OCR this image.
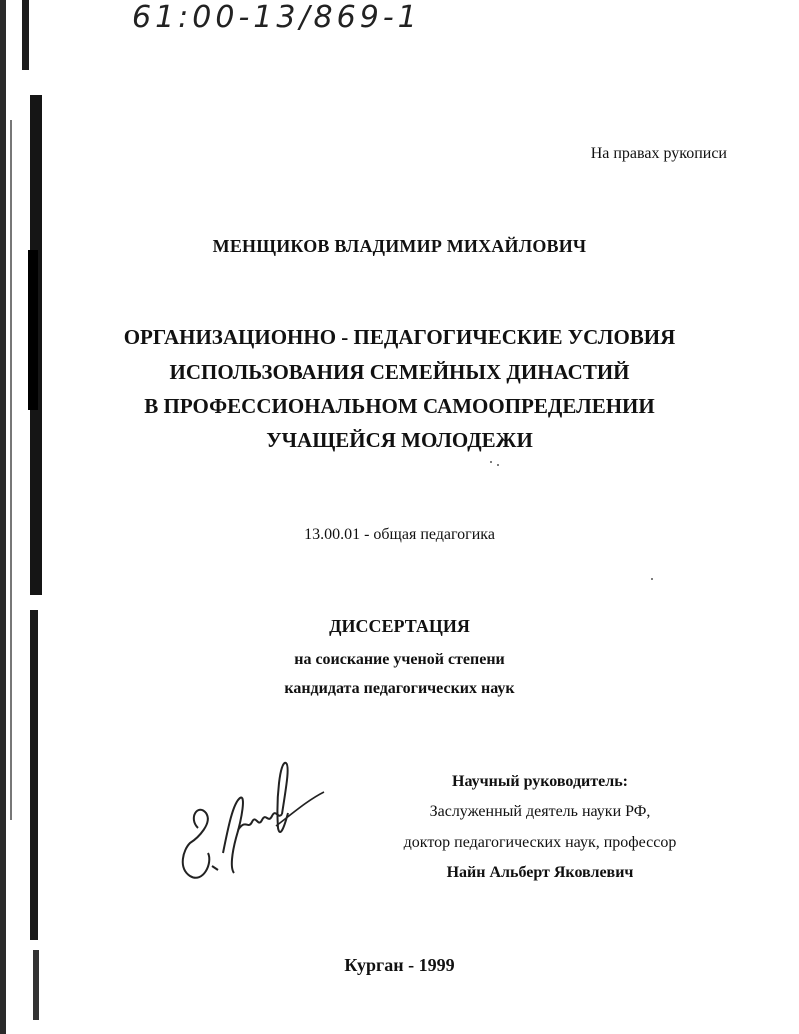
61:00-13/869-1
На правах рукописи
МЕНЩИКОВ ВЛАДИМИР МИХАЙЛОВИЧ
ОРГАНИЗАЦИОННО - ПЕДАГОГИЧЕСКИЕ УСЛОВИЯ
ИСПОЛЬЗОВАНИЯ СЕМЕЙНЫХ ДИНАСТИЙ
В ПРОФЕССИОНАЛЬНОМ САМООПРЕДЕЛЕНИИ
УЧАЩЕЙСЯ МОЛОДЕЖИ
13.00.01 - общая педагогика
ДИССЕРТАЦИЯ
на соискание ученой степени
кандидата педагогических наук
Научный руководитель:
Заслуженный деятель науки РФ,
доктор педагогических наук, профессор
Найн Альберт Яковлевич
Курган - 1999
